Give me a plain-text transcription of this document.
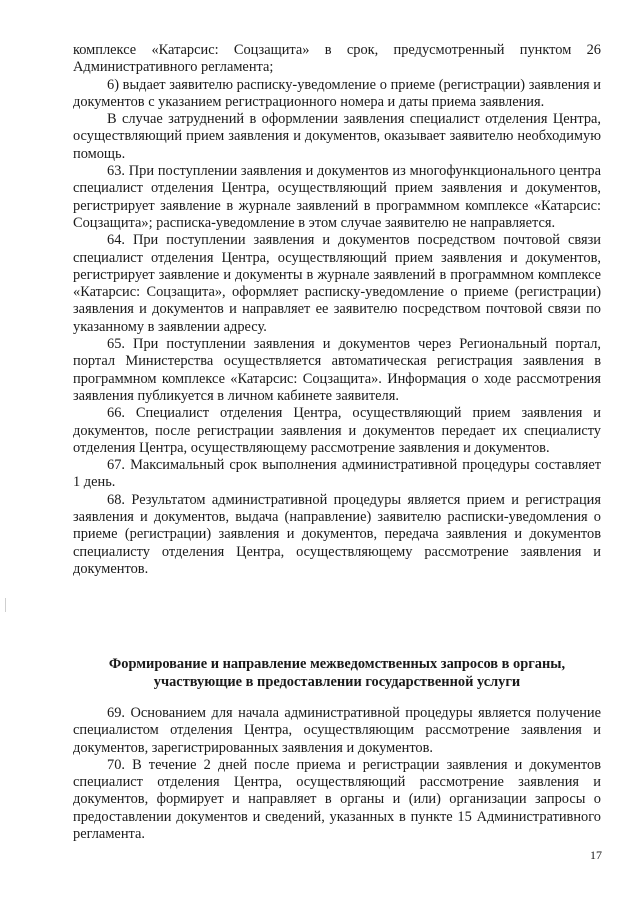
комплексе «Катарсис: Соцзащита» в срок, предусмотренный пунктом 26 Административного регламента;

6) выдает заявителю расписку-уведомление о приеме (регистрации) заявления и документов с указанием регистрационного номера и даты приема заявления.

В случае затруднений в оформлении заявления специалист отделения Центра, осуществляющий прием заявления и документов, оказывает заявителю необходимую помощь.

63. При поступлении заявления и документов из многофункционального центра специалист отделения Центра, осуществляющий прием заявления и документов, регистрирует заявление в журнале заявлений в программном комплексе «Катарсис: Соцзащита»; расписка-уведомление в этом случае заявителю не направляется.

64. При поступлении заявления и документов посредством почтовой связи специалист отделения Центра, осуществляющий прием заявления и документов, регистрирует заявление и документы в журнале заявлений в программном комплексе «Катарсис: Соцзащита», оформляет расписку-уведомление о приеме (регистрации) заявления и документов и направляет ее заявителю посредством почтовой связи по указанному в заявлении адресу.

65. При поступлении заявления и документов через Региональный портал, портал Министерства осуществляется автоматическая регистрация заявления в программном комплексе «Катарсис: Соцзащита». Информация о ходе рассмотрения заявления публикуется в личном кабинете заявителя.

66. Специалист отделения Центра, осуществляющий прием заявления и документов, после регистрации заявления и документов передает их специалисту отделения Центра, осуществляющему рассмотрение заявления и документов.

67. Максимальный срок выполнения административной процедуры составляет 1 день.

68. Результатом административной процедуры является прием и регистрация заявления и документов, выдача (направление) заявителю расписки-уведомления о приеме (регистрации) заявления и документов, передача заявления и документов специалисту отделения Центра, осуществляющему рассмотрение заявления и документов.

Формирование и направление межведомственных запросов в органы,
участвующие в предоставлении государственной услуги

69. Основанием для начала административной процедуры является получение специалистом отделения Центра, осуществляющим рассмотрение заявления и документов, зарегистрированных заявления и документов.

70. В течение 2 дней после приема и регистрации заявления и документов специалист отделения Центра, осуществляющий рассмотрение заявления и документов, формирует и направляет в органы и (или) организации запросы о предоставлении документов и сведений, указанных в пункте 15 Административного регламента.

17
